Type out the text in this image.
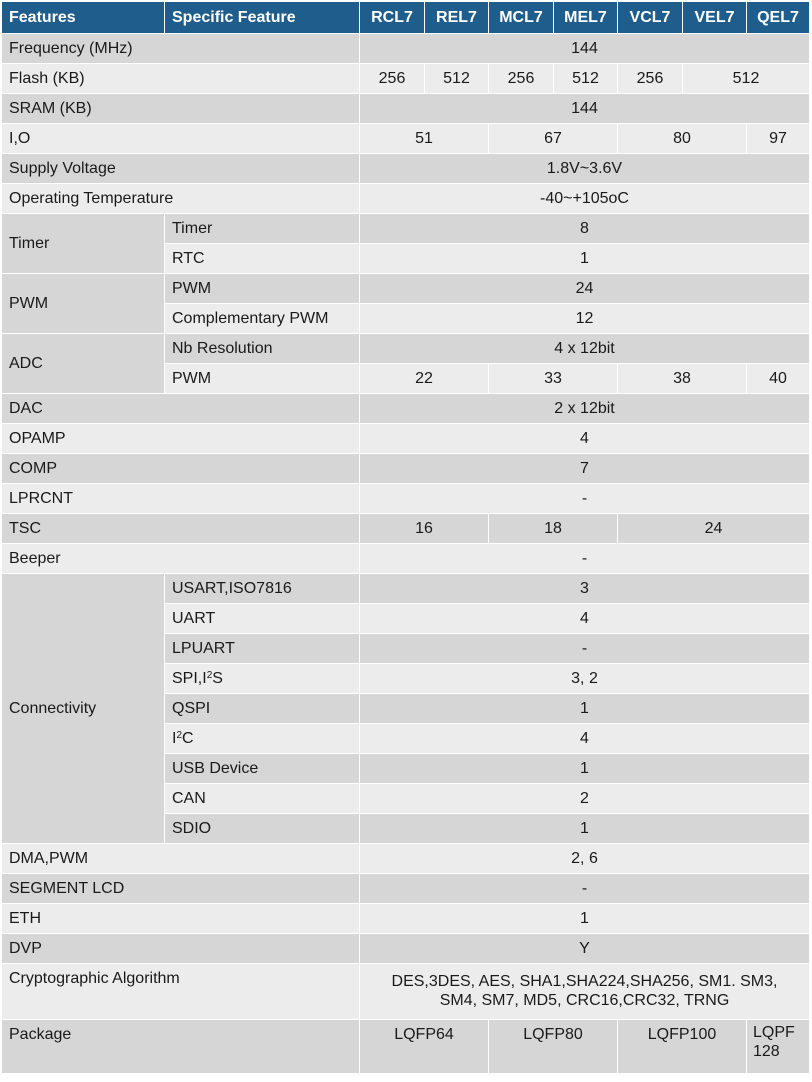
Features	Specific Feature	RCL7	REL7	MCL7	MEL7	VCL7	VEL7	QEL7
Frequency (MHz)		144						
Flash (KB)		256	512	256	512	256	512	
SRAM (KB)		144						
I,O		51		67		80		97
Supply Voltage		1.8V~3.6V						
Operating Temperature		-40~+105oC						
Timer	Timer	8						
	RTC	1						
PWM	PWM	24						
	Complementary PWM	12						
ADC	Nb Resolution	4 x 12bit						
	PWM	22		33		38		40
DAC		2 x 12bit						
OPAMP		4						
COMP		7						
LPRCNT		-						
TSC		16		18		24		
Beeper		-						
Connectivity	USART,ISO7816	3						
	UART	4						
	LPUART	-						
	$SPI,I^2S$	3, 2						
	QSPI	1						
	$I^2C$	4						
	USB Device	1						
	CAN	2						
	SDIO	1						
DMA,PWM		2, 6						
SEGMENT LCD		-						
ETH		1						
DVP		Y						
Cryptographic Algorithm		DES,3DES, AES, SHA1,SHA224,SHA256, SM1. SM3, SM4, SM7, MD5, CRC16,CRC32, TRNG						
Package		LQFP64		LQFP80		LQFP100		LQPF 128
